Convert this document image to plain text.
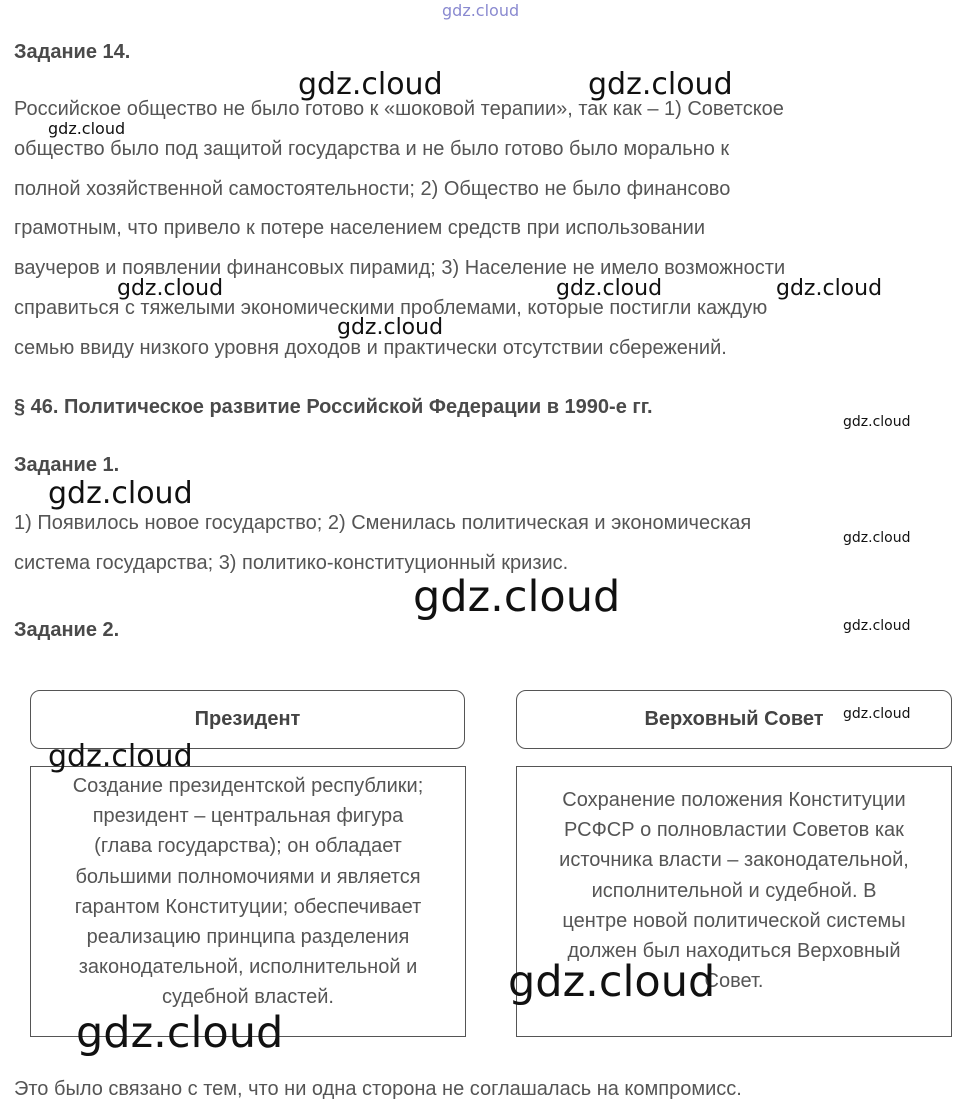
gdz.cloud
Задание 14.
Российское общество не было готово к «шоковой терапии», так как – 1) Советское
общество было под защитой государства и не было готово было морально к
полной хозяйственной самостоятельности; 2) Общество не было финансово
грамотным, что привело к потере населением средств при использовании
ваучеров и появлении финансовых пирамид; 3) Население не имело возможности
справиться с тяжелыми экономическими проблемами, которые постигли каждую
семью ввиду низкого уровня доходов и практически отсутствии сбережений.
§ 46. Политическое развитие Российской Федерации в 1990-е гг.
Задание 1.
1) Появилось новое государство; 2) Сменилась политическая и экономическая
система государства; 3) политико-конституционный кризис.
Задание 2.
Президент	Верховный Совет
Создание президентской республики;
президент – центральная фигура
(глава государства); он обладает
большими полномочиями и является
гарантом Конституции; обеспечивает
реализацию принципа разделения
законодательной, исполнительной и
судебной властей.
Сохранение положения Конституции
РСФСР о полновластии Советов как
источника власти – законодательной,
исполнительной и судебной. В
центре новой политической системы
должен был находиться Верховный
Совет.
Это было связано с тем, что ни одна сторона не соглашалась на компромисс.
gdz.cloud	gdz.cloud
gdz.cloud
gdz.cloud	gdz.cloud	gdz.cloud
gdz.cloud
gdz.cloud
gdz.cloud
gdz.cloud
gdz.cloud
gdz.cloud
gdz.cloud
gdz.cloud
gdz.cloud
gdz.cloud
